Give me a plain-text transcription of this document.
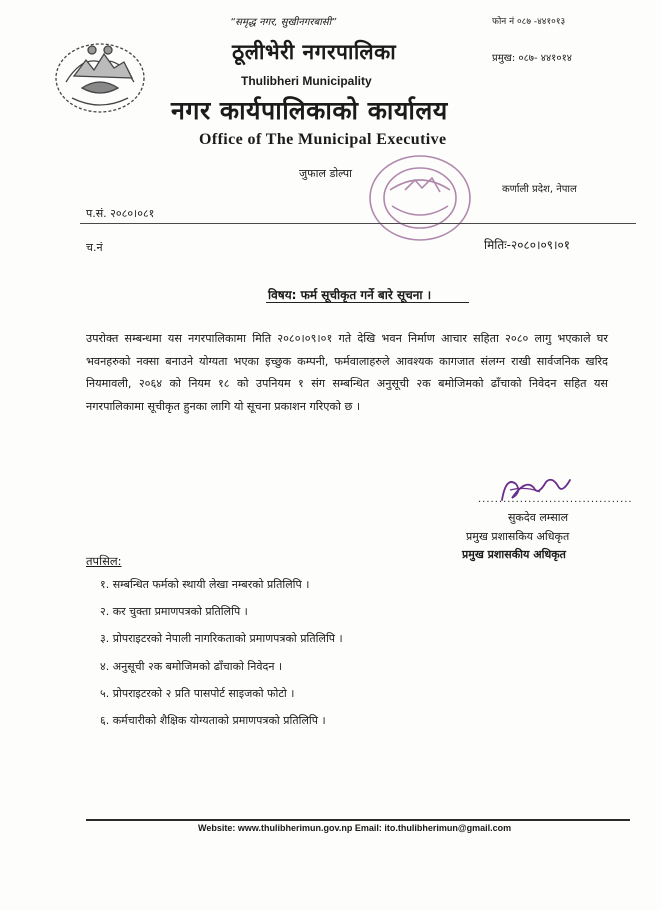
“समृद्ध नगर, सुखीनगरबासी”	फोन नं ०८७ -४४१०१३
प्रमुख: ०८७- ४४१०१४
ठूलीभेरी नगरपालिका
Thulibheri Municipality
नगर कार्यपालिकाको कार्यालय
Office of The Municipal Executive
जुफाल डोल्पा
कर्णाली प्रदेश, नेपाल
प.सं. २०८०।०८१
च.नं	मितिः-२०८०।०९।०१
विषय: फर्म सूचीकृत गर्ने बारे सूचना ।
उपरोक्त सम्बन्धमा यस नगरपालिकामा मिति २०८०।०९।०१ गते देखि भवन निर्माण आचार सहिता २०८० लागु भएकाले घर भवनहरुको नक्सा बनाउने योग्यता भएका इच्छुक कम्पनी, फर्मवालाहरुले आवश्यक कागजात संलग्न राखी सार्वजनिक खरिद नियमावली, २०६४ को नियम १८ को उपनियम १ संग सम्बन्धित अनुसूची २क बमोजिमको ढाँचाको निवेदन सहित यस नगरपालिकामा सूचीकृत हुनका लागि यो सूचना प्रकाशन गरिएको छ ।
.....................................
सुकदेव लम्साल
प्रमुख प्रशासकिय अधिकृत
प्रमुख प्रशासकीय अधिकृत
तपसिल:
१. सम्बन्धित फर्मको स्थायी लेखा नम्बरको प्रतिलिपि ।
२. कर चुक्ता प्रमाणपत्रको प्रतिलिपि ।
३. प्रोपराइटरको नेपाली नागरिकताको प्रमाणपत्रको प्रतिलिपि ।
४. अनुसूची २क बमोजिमको ढाँचाको निवेदन ।
५. प्रोपराइटरको २ प्रति पासपोर्ट साइजको फोटो ।
६. कर्मचारीको शैक्षिक योग्यताको प्रमाणपत्रको प्रतिलिपि ।
Website: www.thulibherimun.gov.np Email: ito.thulibherimun@gmail.com
